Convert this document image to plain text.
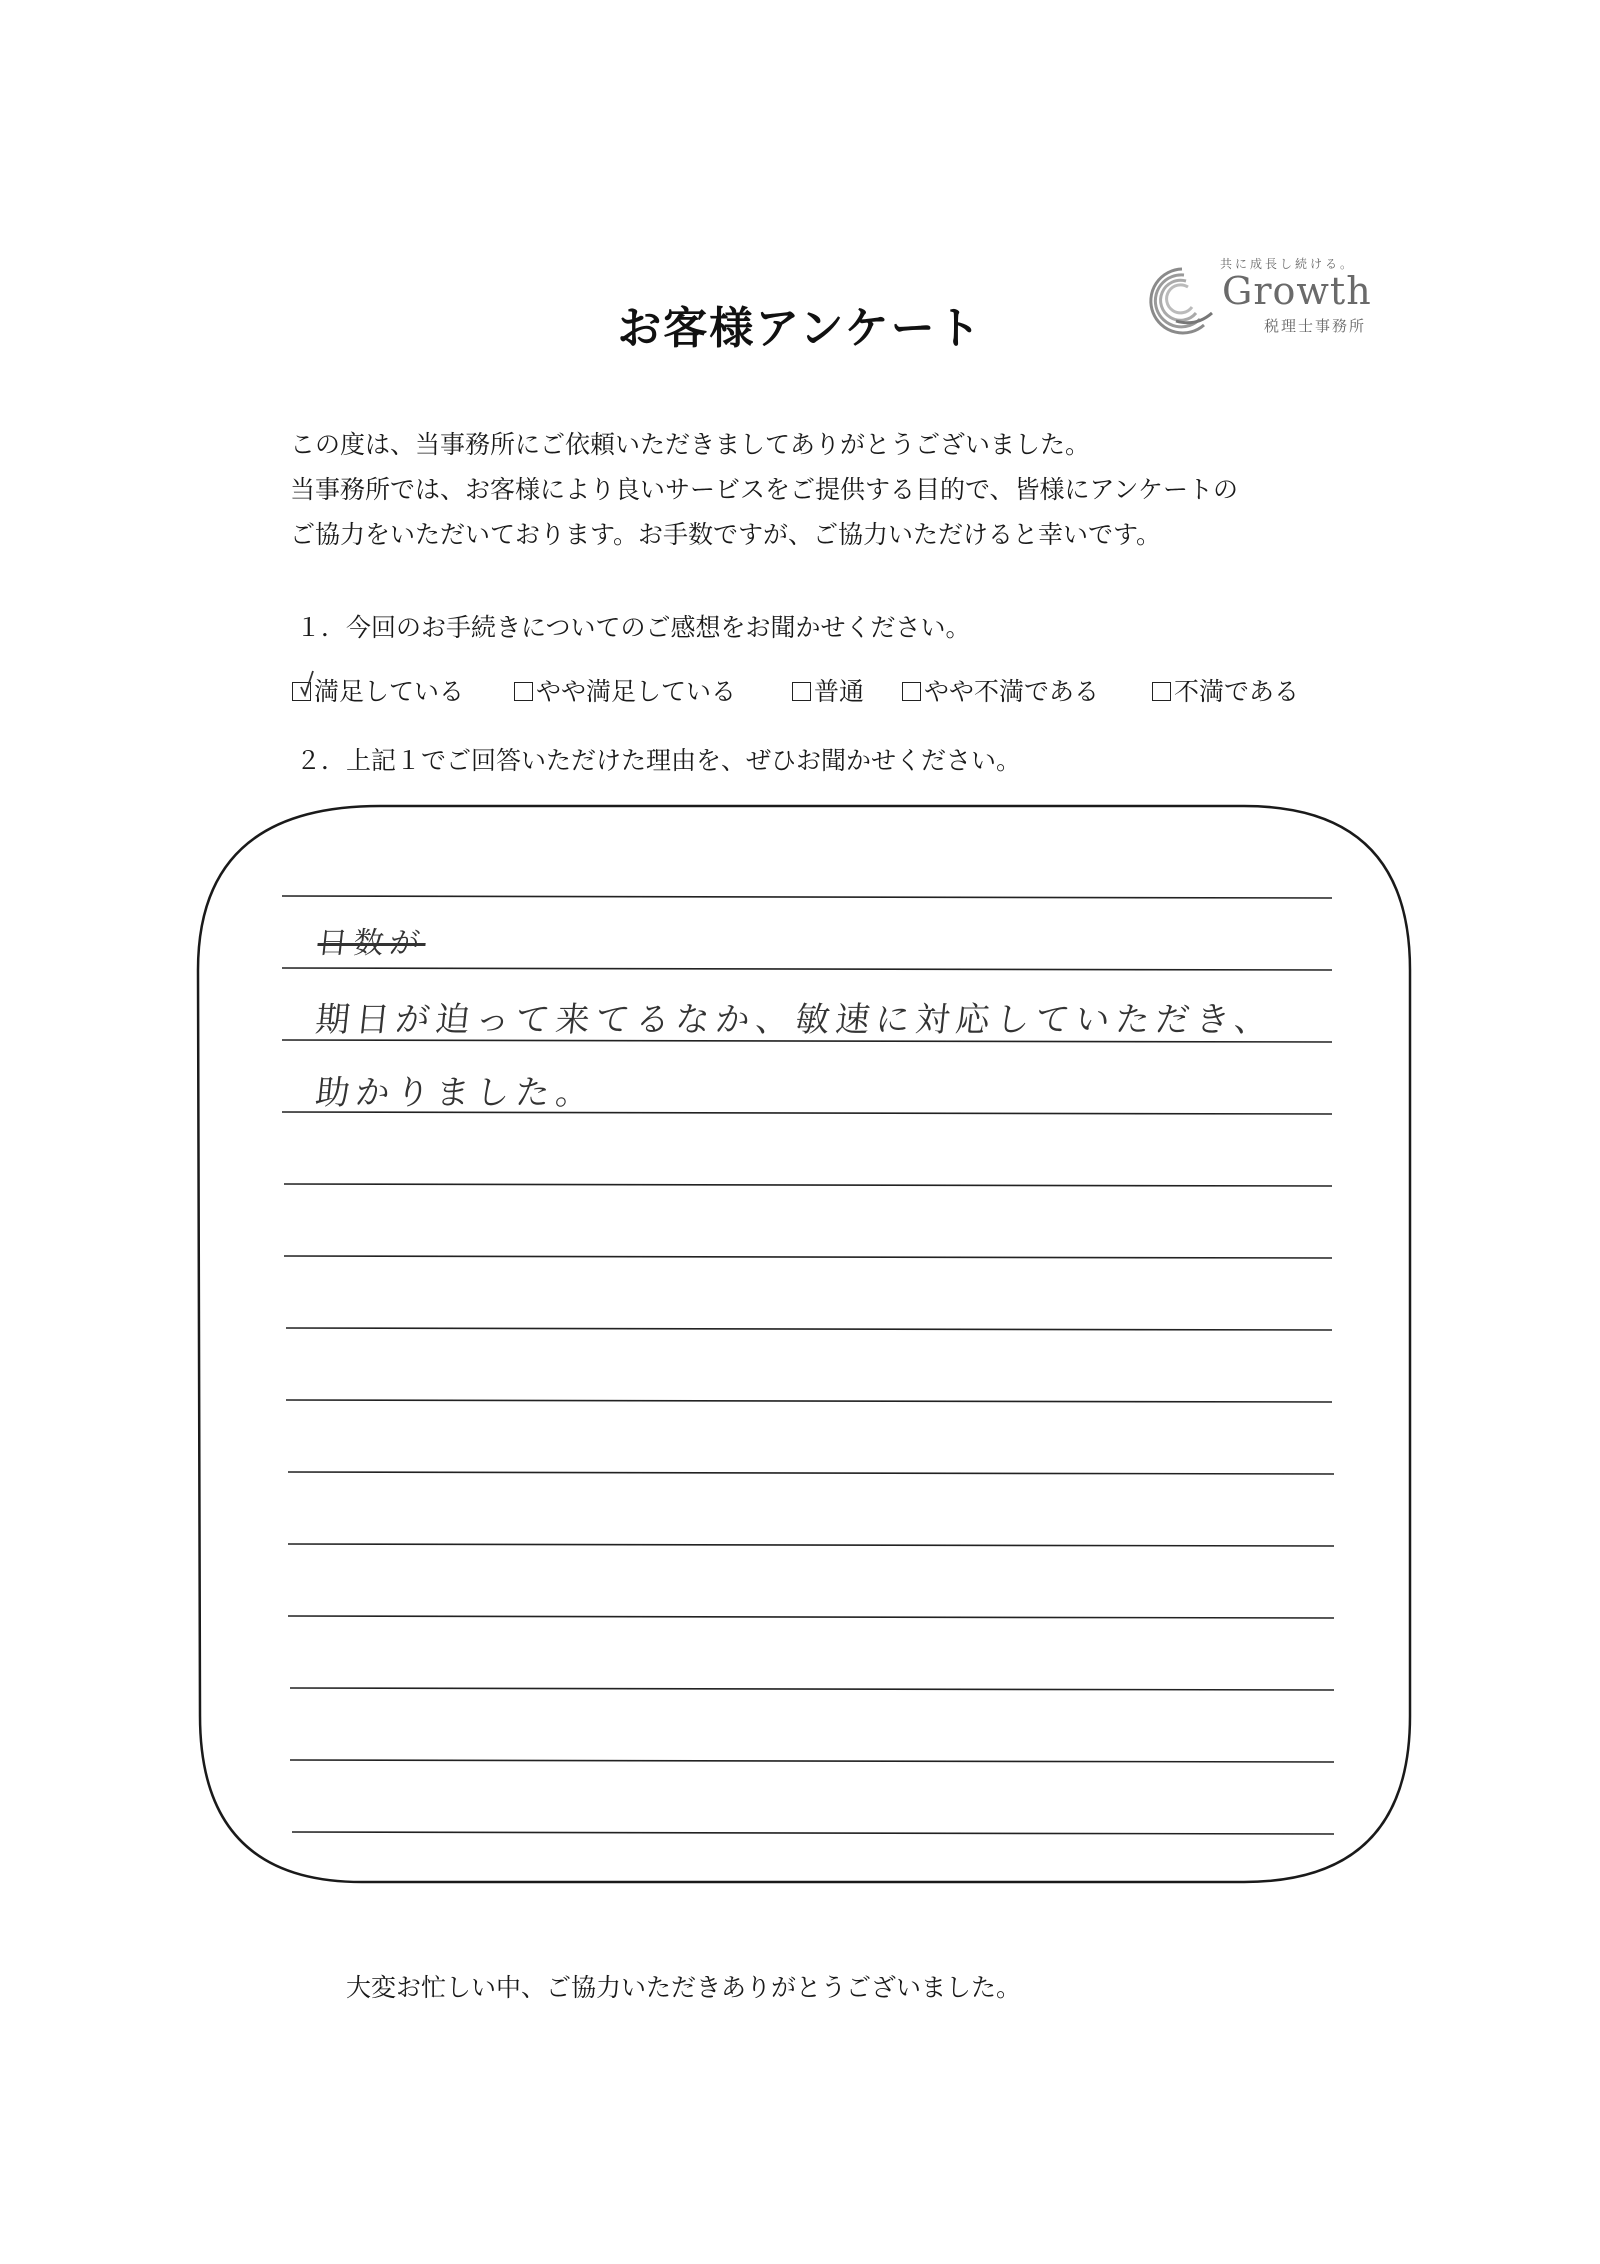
共に成長し続ける。
Growth
税理士事務所
お客様アンケート
この度は、当事務所にご依頼いただきましてありがとうございました。
当事務所では、お客様により良いサービスをご提供する目的で、皆様にアンケートの
ご協力をいただいております。お手数ですが、ご協力いただけると幸いです。
１．今回のお手続きについてのご感想をお聞かせください。
満足している	やや満足している	普通	やや不満である	不満である
２．上記１でご回答いただけた理由を、ぜひお聞かせください。
日数が
期日が迫って来てるなか、敏速に対応していただき、
助かりました。
大変お忙しい中、ご協力いただきありがとうございました。
